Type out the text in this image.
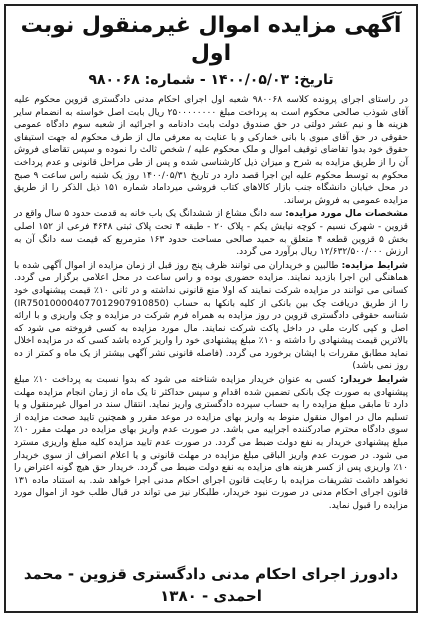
آگهی مزایده اموال غیرمنقول نوبت اول
تاریخ: ۱۴۰۰/۰۵/۰۳ - شماره: ۹۸۰۰۶۸

در راستای اجرای پرونده کلاسه ۹۸۰۰۶۸ شعبه اول اجرای احکام مدنی دادگستری قزوین محکوم علیه آقای شوذب صالحی محکوم است به پرداخت مبلغ ۲۵۰۰۰۰۰۰۰۰ ریال بابت اصل خواسته به انضمام سایر هزینه ها و نیم عشر دولتی در حق صندوق دولت بابت دادنامه و اجرائیه از شعبه سوم دادگاه عمومی حقوقی در حق آقای مبوی با بانی خمارکی و با عنایت به معرفی مال از طرف محکوم له جهت استیفای حقوق خود بدوا تقاضای توقیف اموال و ملک محکوم علیه / شخص ثالث را نموده و سپس تقاضای فروش آن را از طریق مزایده به شرح و میزان ذیل کارشناسی شده و پس از طی مراحل قانونی و عدم پرداخت محکوم به توسط محکوم علیه این اجرا قصد دارد در تاریخ ۱۴۰۰/۰۵/۳۱ روز یک شنبه راس ساعت ۹ صبح در محل خیابان دانشگاه جنب بازار کالاهای کتاب فروشی میرداماد شماره ۱۵۱ ذیل الذکر را از طریق مزایده عمومی به فروش برساند.

مشخصات مال مورد مزایده: سه دانگ مشاع از ششدانگ یک باب خانه به قدمت حدود ۵ سال واقع در قزوین - شهرک نسیم - کوچه نیایش یکم - پلاک ۲۰ - طبقه ۴ تحت پلاک ثبتی ۴۶۴۸ فرعی از ۱۵۲ اصلی بخش ۵ قزوین قطعه ۴ متعلق به حمید صالحی مساحت حدود ۱۶۳ مترمربع که قیمت سه دانگ آن به ارزش ۱۲/۶۳۲/۵۰۰/۰۰۰ ریال برآورد می گردد.

شرایط مزایده: طالبین و خریداران می توانند ظرف پنج روز قبل از زمان مزایده از اموال آگهی شده با هماهنگی این اجرا بازدید نمایند. مزایده حضوری بوده و راس ساعت در محل اعلامی برگزار می گردد. کسانی می توانند در مزایده شرکت نمایند که اولا منع قانونی نداشته و در ثانی ۱۰٪ قیمت پیشنهادی خود را از طریق دریافت چک بین بانکی از کلیه بانکها به حساب (IR750100004077012907910850) شناسه حقوقی دادگستری قزوین در روز مزایده به همراه فرم شرکت در مزایده و چک واریزی و با ارائه اصل و کپی کارت ملی در داخل پاکت شرکت نمایند. مال مورد مزایده به کسی فروخته می شود که بالاترین قیمت پیشنهادی را داشته و ۱۰٪ مبلغ پیشنهادی خود را واریز کرده باشد کسی که در مزایده اخلال نماید مطابق مقررات با ایشان برخورد می گردد. (فاصله قانونی نشر آگهی بیشتر از یک ماه و کمتر از ده روز نمی باشد)

شرایط خریدار: کسی به عنوان خریدار مزایده شناخته می شود که بدوا نسبت به پرداخت ۱۰٪ مبلغ پیشنهادی به صورت چک بانکی تضمین شده اقدام و سپس حداکثر تا یک ماه از زمان انجام مزایده مهلت دارد تا مابقی مبلغ مزایده را به حساب سپرده دادگستری واریز نماید. انتقال سند در اموال غیرمنقول و یا تسلیم مال در اموال منقول منوط به واریز بهای مزایده در موعد مقرر و همچنین تایید صحت مزایده از سوی دادگاه محترم صادرکننده اجراییه می باشد. در صورت عدم واریز بهای مزایده در مهلت مقرر ۱۰٪ مبلغ پیشنهادی خریدار به نفع دولت ضبط می گردد. در صورت عدم تایید مزایده کلیه مبلغ واریزی مسترد می شود. در صورت عدم واریز الباقی مبلغ مزایده در مهلت قانونی و یا اعلام انصراف از سوی خریدار ۱۰٪ واریزی پس از کسر هزینه های مزایده به نفع دولت ضبط می گردد. خریدار حق هیچ گونه اعتراض را نخواهد داشت تشریفات مزایده با رعایت قانون اجرای احکام مدنی اجرا خواهد شد. به استناد ماده ۱۳۱ قانون اجرای احکام مدنی در صورت نبود خریدار، طلبکار نیز می تواند در قبال طلب خود از اموال مورد مزایده را قبول نماید.

دادورز اجرای احکام مدنی دادگستری قزوین - محمد احمدی - ۱۳۸۰
